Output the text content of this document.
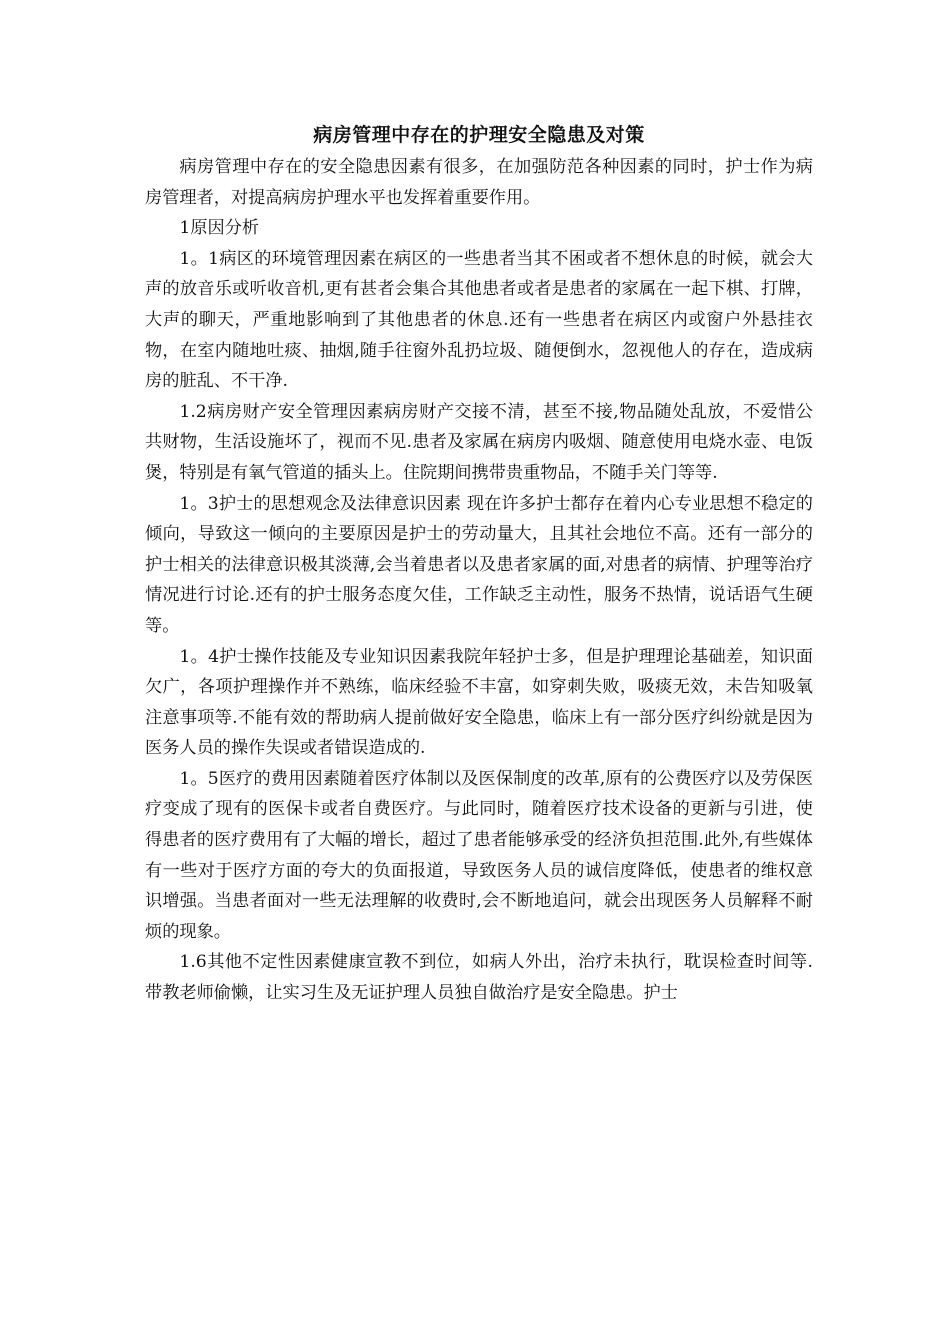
病房管理中存在的护理安全隐患及对策

病房管理中存在的安全隐患因素有很多，在加强防范各种因素的同时，护士作为病房管理者，对提高病房护理水平也发挥着重要作用。

1原因分析

1。1病区的环境管理因素在病区的一些患者当其不困或者不想休息的时候，就会大声的放音乐或听收音机,更有甚者会集合其他患者或者是患者的家属在一起下棋、打牌，大声的聊天，严重地影响到了其他患者的休息.还有一些患者在病区内或窗户外悬挂衣物，在室内随地吐痰、抽烟,随手往窗外乱扔垃圾、随便倒水，忽视他人的存在，造成病房的脏乱、不干净.

1.2病房财产安全管理因素病房财产交接不清，甚至不接,物品随处乱放，不爱惜公共财物，生活设施坏了，视而不见.患者及家属在病房内吸烟、随意使用电烧水壶、电饭煲，特别是有氧气管道的插头上。住院期间携带贵重物品，不随手关门等等.

1。3护士的思想观念及法律意识因素 现在许多护士都存在着内心专业思想不稳定的倾向，导致这一倾向的主要原因是护士的劳动量大，且其社会地位不高。还有一部分的护士相关的法律意识极其淡薄,会当着患者以及患者家属的面,对患者的病情、护理等治疗情况进行讨论.还有的护士服务态度欠佳，工作缺乏主动性，服务不热情，说话语气生硬等。

1。4护士操作技能及专业知识因素我院年轻护士多，但是护理理论基础差，知识面欠广，各项护理操作并不熟练，临床经验不丰富，如穿刺失败，吸痰无效，未告知吸氧注意事项等.不能有效的帮助病人提前做好安全隐患，临床上有一部分医疗纠纷就是因为医务人员的操作失误或者错误造成的.

1。5医疗的费用因素随着医疗体制以及医保制度的改革,原有的公费医疗以及劳保医疗变成了现有的医保卡或者自费医疗。与此同时，随着医疗技术设备的更新与引进，使得患者的医疗费用有了大幅的增长，超过了患者能够承受的经济负担范围.此外,有些媒体有一些对于医疗方面的夸大的负面报道，导致医务人员的诚信度降低，使患者的维权意识增强。当患者面对一些无法理解的收费时,会不断地追问，就会出现医务人员解释不耐烦的现象。

1.6其他不定性因素健康宣教不到位，如病人外出，治疗未执行，耽误检查时间等.带教老师偷懒，让实习生及无证护理人员独自做治疗是安全隐患。护士
